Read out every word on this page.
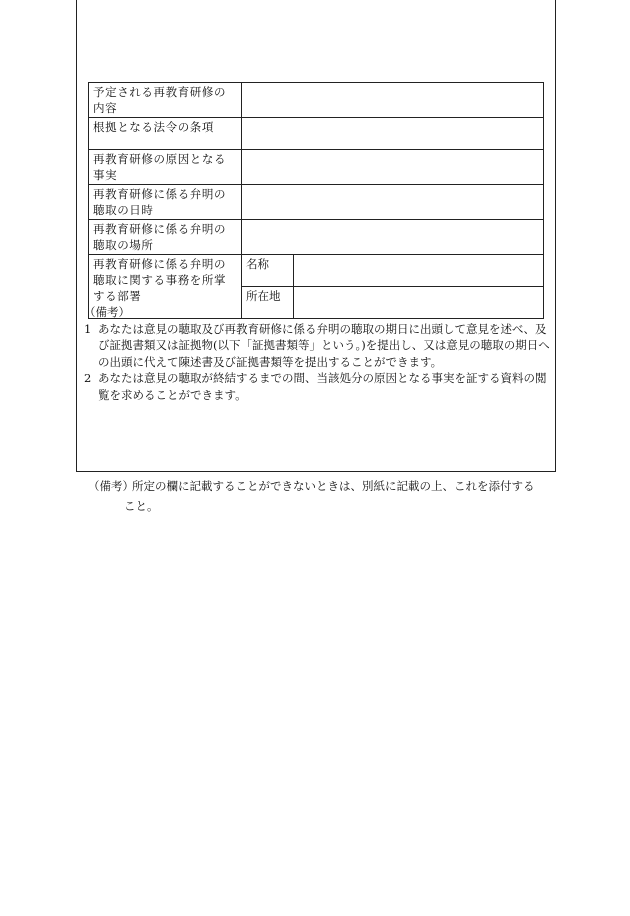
予定される再教育研修の内容		
根拠となる法令の条項		
再教育研修の原因となる事実		
再教育研修に係る弁明の聴取の日時		
再教育研修に係る弁明の聴取の場所		
再教育研修に係る弁明の聴取に関する事務を所掌する部署	名称	
	所在地	

（備考）

1 あなたは意見の聴取及び再教育研修に係る弁明の聴取の期日に出頭して意見を述べ、及び証拠書類又は証拠物(以下「証拠書類等」という。)を提出し、又は意見の聴取の期日への出頭に代えて陳述書及び証拠書類等を提出することができます。

2 あなたは意見の聴取が終結するまでの間、当該処分の原因となる事実を証する資料の閲覧を求めることができます。

（備考）所定の欄に記載することができないときは、別紙に記載の上、これを添付する
こと。
